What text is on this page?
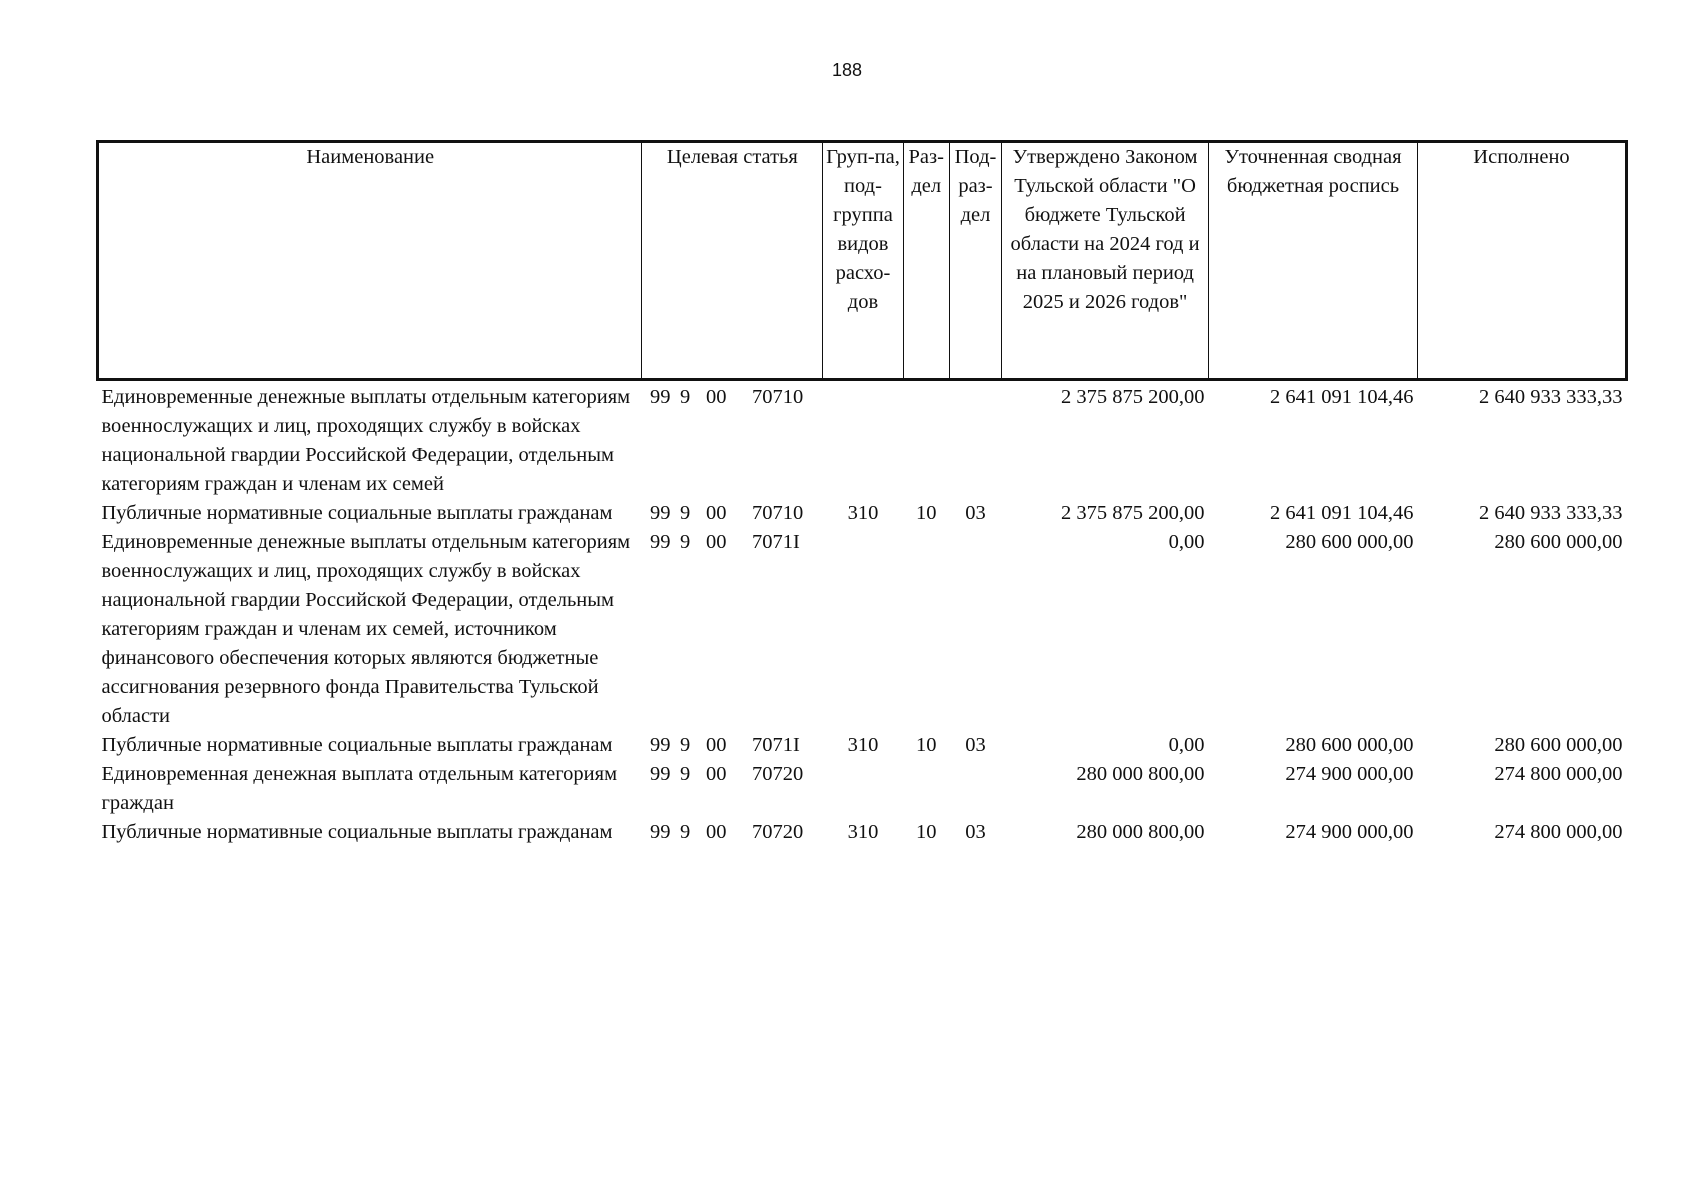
188
Наименование	Целевая статья	Груп-па, под-группа видов расхо-дов	Раз-дел	Под-раз-дел	Утверждено Законом Тульской области "О бюджете Тульской области на 2024 год и на плановый период 2025 и 2026 годов"	Уточненная сводная бюджетная роспись	Исполнено
Единовременные денежные выплаты отдельным категориям военнослужащих и лиц, проходящих службу в войсках национальной гвардии Российской Федерации, отдельным категориям граждан и членам их семей	99 9 00 70710				2 375 875 200,00	2 641 091 104,46	2 640 933 333,33
Публичные нормативные социальные выплаты гражданам	99 9 00 70710	310	10	03	2 375 875 200,00	2 641 091 104,46	2 640 933 333,33
Единовременные денежные выплаты отдельным категориям военнослужащих и лиц, проходящих службу в войсках национальной гвардии Российской Федерации, отдельным категориям граждан и членам их семей, источником финансового обеспечения которых являются бюджетные ассигнования резервного фонда Правительства Тульской области	99 9 00 7071I				0,00	280 600 000,00	280 600 000,00
Публичные нормативные социальные выплаты гражданам	99 9 00 7071I	310	10	03	0,00	280 600 000,00	280 600 000,00
Единовременная денежная выплата отдельным категориям граждан	99 9 00 70720				280 000 800,00	274 900 000,00	274 800 000,00
Публичные нормативные социальные выплаты гражданам	99 9 00 70720	310	10	03	280 000 800,00	274 900 000,00	274 800 000,00
